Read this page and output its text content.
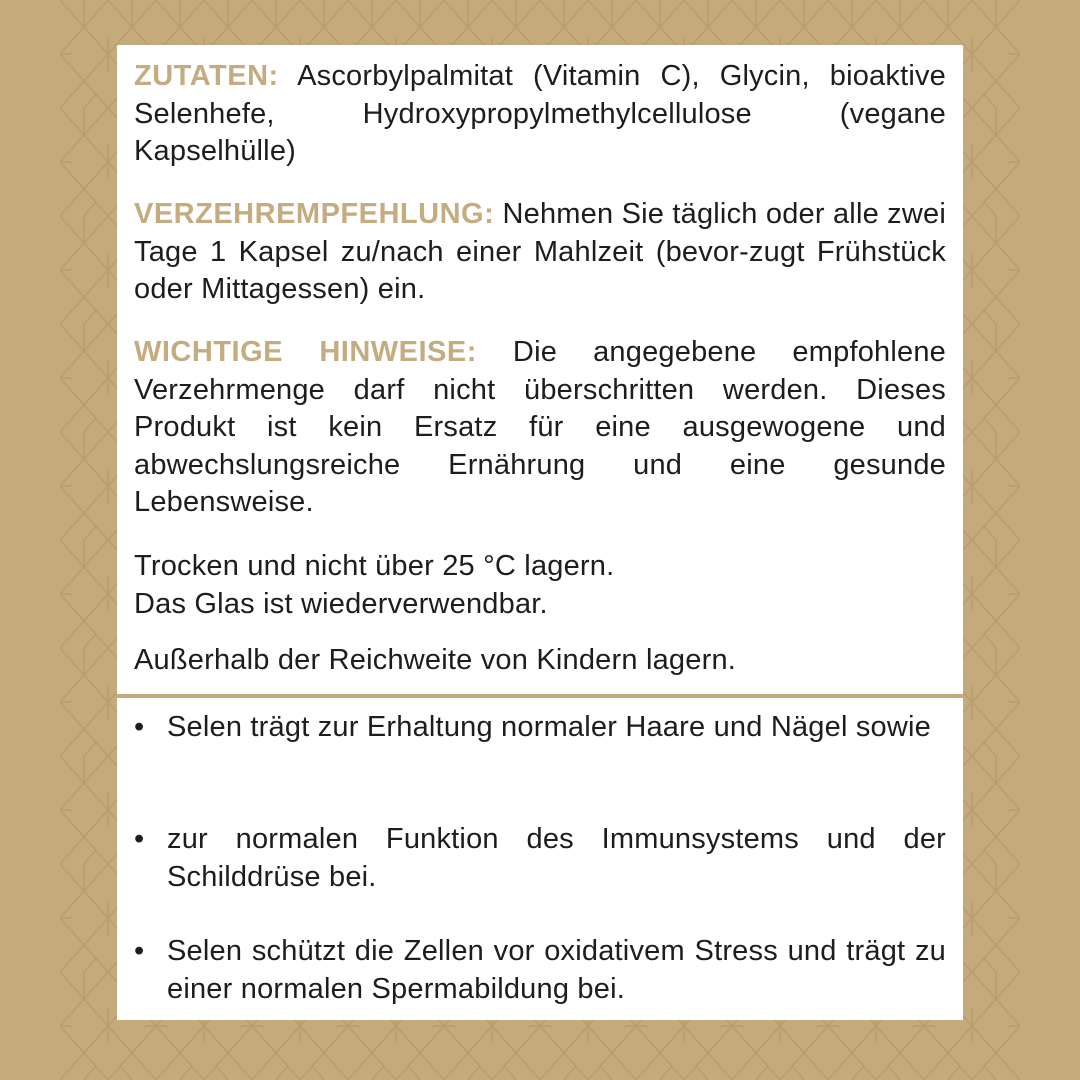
ZUTATEN: Ascorbylpalmitat (Vitamin C), Glycin, bioaktive Selenhefe, Hydroxypropylmethylcellulose (vegane Kapselhülle)
VERZEHREMPFEHLUNG: Nehmen Sie täglich oder alle zwei Tage 1 Kapsel zu/nach einer Mahlzeit (bevor-zugt Frühstück oder Mittagessen) ein.
WICHTIGE HINWEISE: Die angegebene empfohlene Verzehrmenge darf nicht überschritten werden. Dieses Produkt ist kein Ersatz für eine ausgewogene und abwechslungsreiche Ernährung und eine gesunde Lebensweise.
Trocken und nicht über 25 °C lagern.
Das Glas ist wiederverwendbar.
Außerhalb der Reichweite von Kindern lagern.
• Selen trägt zur Erhaltung normaler Haare und Nägel sowie
• zur normalen Funktion des Immunsystems und der Schilddrüse bei.
• Selen schützt die Zellen vor oxidativem Stress und trägt zu einer normalen Spermabildung bei.
